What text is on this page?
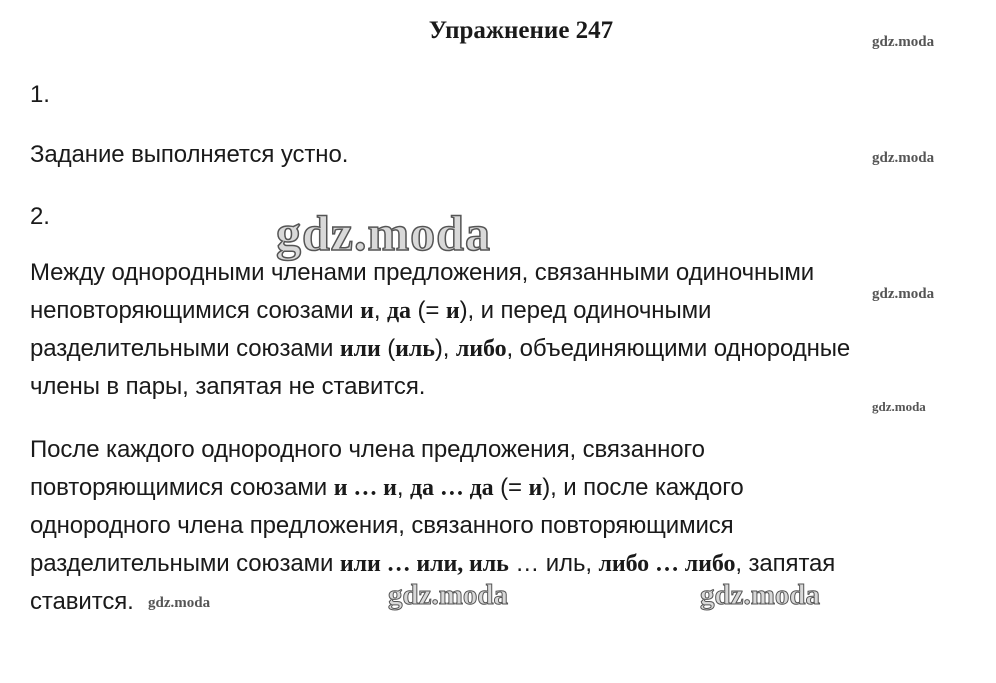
Упражнение 247
1.
Задание выполняется устно.
2.
Между однородными членами предложения, связанными одиночными
неповторяющимися союзами и, да (= и), и перед одиночными
разделительными союзами или (иль), либо, объединяющими однородные
члены в пары, запятая не ставится.
После каждого однородного члена предложения, связанного
повторяющимися союзами и … и, да … да (= и), и после каждого
однородного члена предложения, связанного повторяющимися
разделительными союзами или … или, иль … иль, либо … либо, запятая
ставится.
gdz.moda
gdz.moda
gdz.moda
gdz.moda
gdz.moda
gdz.moda
gdz.moda	gdz.moda
